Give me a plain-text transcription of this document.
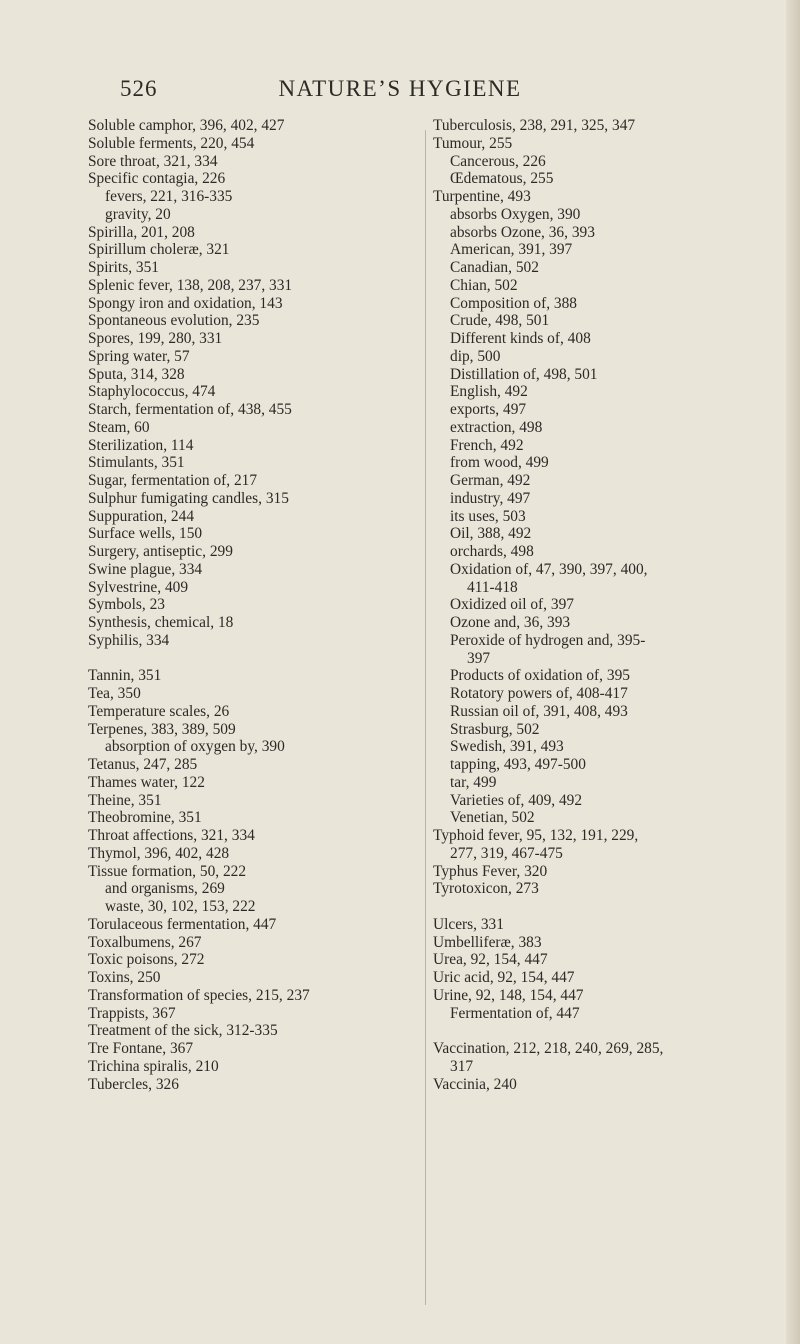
526	NATURE’S HYGIENE
Soluble camphor, 396, 402, 427
Soluble ferments, 220, 454
Sore throat, 321, 334
Specific contagia, 226
fevers, 221, 316-335
gravity, 20
Spirilla, 201, 208
Spirillum choleræ, 321
Spirits, 351
Splenic fever, 138, 208, 237, 331
Spongy iron and oxidation, 143
Spontaneous evolution, 235
Spores, 199, 280, 331
Spring water, 57
Sputa, 314, 328
Staphylococcus, 474
Starch, fermentation of, 438, 455
Steam, 60
Sterilization, 114
Stimulants, 351
Sugar, fermentation of, 217
Sulphur fumigating candles, 315
Suppuration, 244
Surface wells, 150
Surgery, antiseptic, 299
Swine plague, 334
Sylvestrine, 409
Symbols, 23
Synthesis, chemical, 18
Syphilis, 334
Tannin, 351
Tea, 350
Temperature scales, 26
Terpenes, 383, 389, 509
absorption of oxygen by, 390
Tetanus, 247, 285
Thames water, 122
Theine, 351
Theobromine, 351
Throat affections, 321, 334
Thymol, 396, 402, 428
Tissue formation, 50, 222
and organisms, 269
waste, 30, 102, 153, 222
Torulaceous fermentation, 447
Toxalbumens, 267
Toxic poisons, 272
Toxins, 250
Transformation of species, 215, 237
Trappists, 367
Treatment of the sick, 312-335
Tre Fontane, 367
Trichina spiralis, 210
Tubercles, 326
Tuberculosis, 238, 291, 325, 347
Tumour, 255
Cancerous, 226
Œdematous, 255
Turpentine, 493
absorbs Oxygen, 390
absorbs Ozone, 36, 393
American, 391, 397
Canadian, 502
Chian, 502
Composition of, 388
Crude, 498, 501
Different kinds of, 408
dip, 500
Distillation of, 498, 501
English, 492
exports, 497
extraction, 498
French, 492
from wood, 499
German, 492
industry, 497
its uses, 503
Oil, 388, 492
orchards, 498
Oxidation of, 47, 390, 397, 400,
411-418
Oxidized oil of, 397
Ozone and, 36, 393
Peroxide of hydrogen and, 395-
397
Products of oxidation of, 395
Rotatory powers of, 408-417
Russian oil of, 391, 408, 493
Strasburg, 502
Swedish, 391, 493
tapping, 493, 497-500
tar, 499
Varieties of, 409, 492
Venetian, 502
Typhoid fever, 95, 132, 191, 229,
277, 319, 467-475
Typhus Fever, 320
Tyrotoxicon, 273
Ulcers, 331
Umbelliferæ, 383
Urea, 92, 154, 447
Uric acid, 92, 154, 447
Urine, 92, 148, 154, 447
Fermentation of, 447
Vaccination, 212, 218, 240, 269, 285,
317
Vaccinia, 240
